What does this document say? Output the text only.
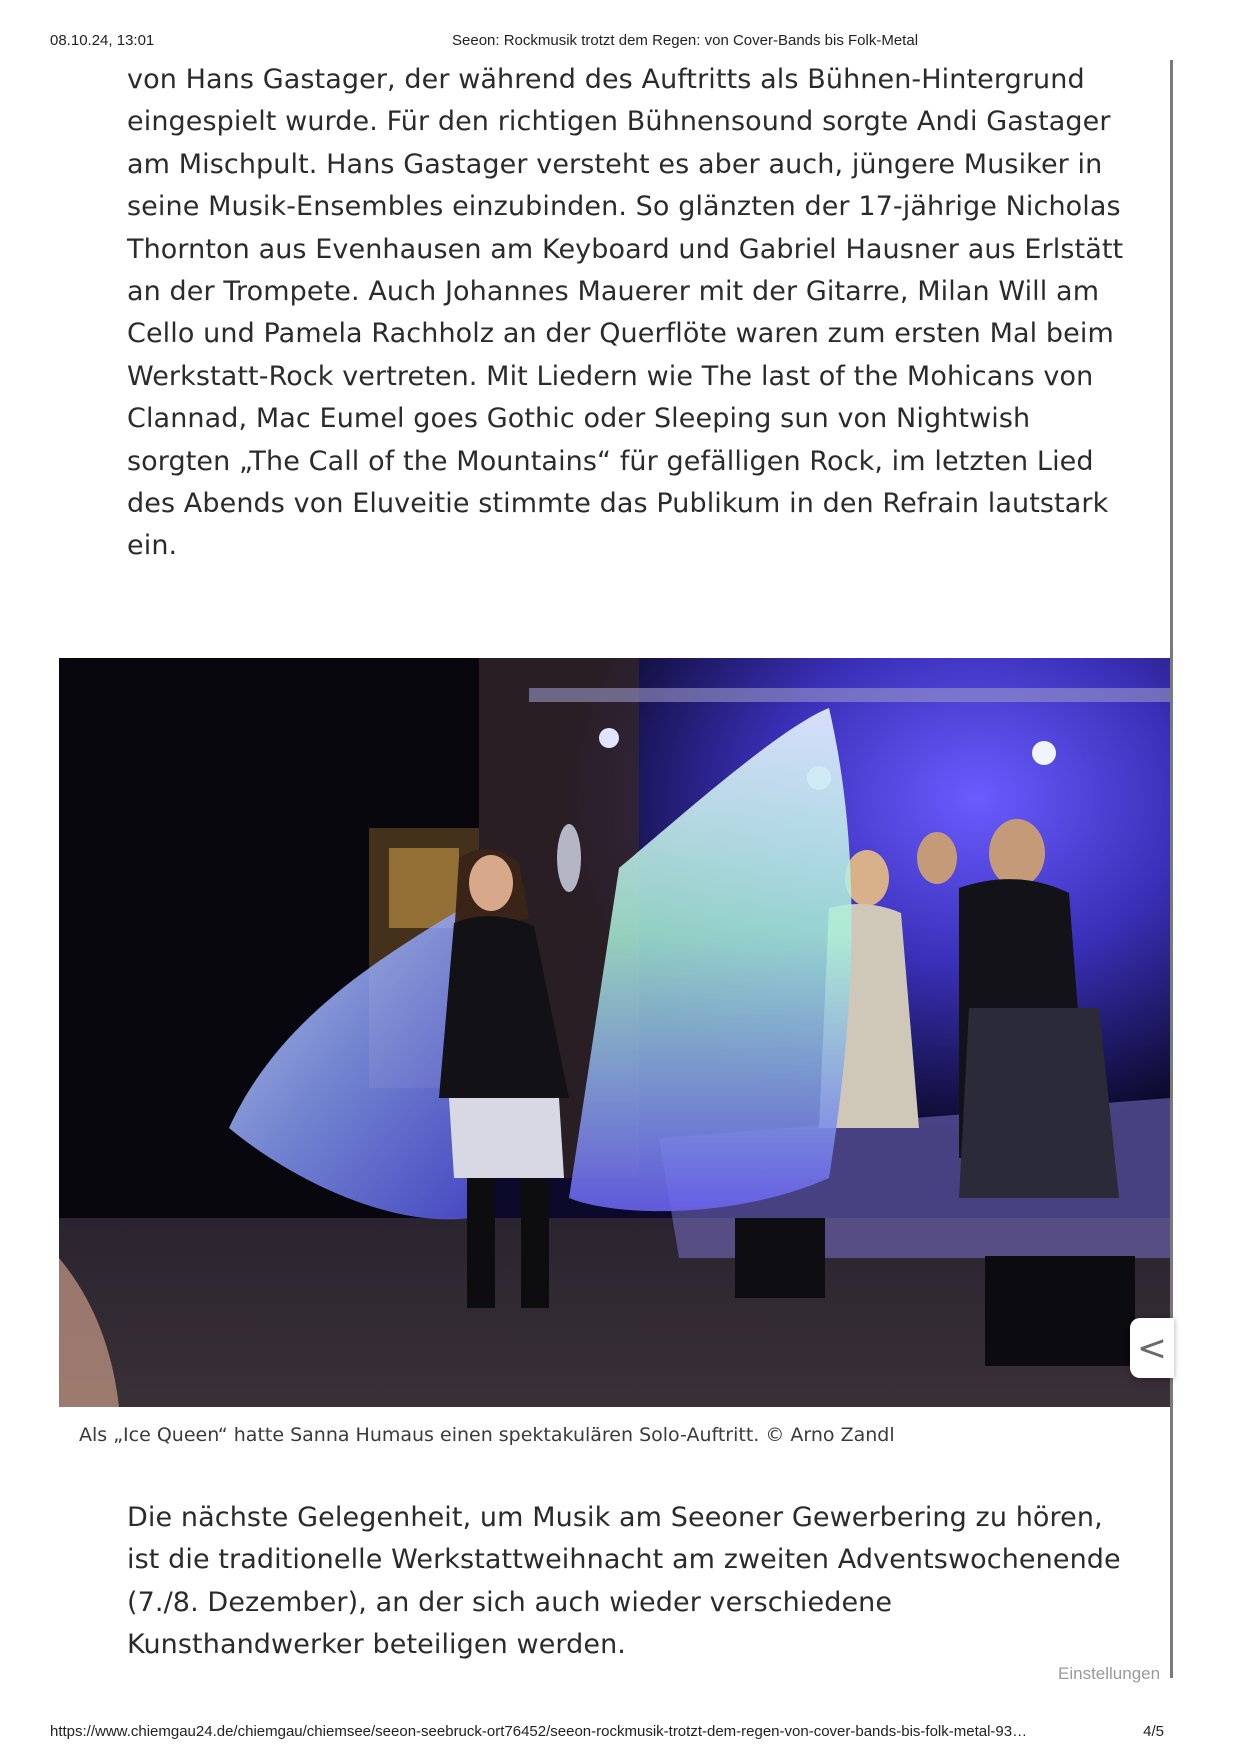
08.10.24, 13:01	Seeon: Rockmusik trotzt dem Regen: von Cover-Bands bis Folk-Metal

von Hans Gastager, der während des Auftritts als Bühnen-Hintergrund eingespielt wurde. Für den richtigen Bühnensound sorgte Andi Gastager am Mischpult. Hans Gastager versteht es aber auch, jüngere Musiker in seine Musik-Ensembles einzubinden. So glänzten der 17-jährige Nicholas Thornton aus Evenhausen am Keyboard und Gabriel Hausner aus Erlstätt an der Trompete. Auch Johannes Mauerer mit der Gitarre, Milan Will am Cello und Pamela Rachholz an der Querflöte waren zum ersten Mal beim Werkstatt-Rock vertreten. Mit Liedern wie The last of the Mohicans von Clannad, Mac Eumel goes Gothic oder Sleeping sun von Nightwish sorgten „The Call of the Mountains“ für gefälligen Rock, im letzten Lied des Abends von Eluveitie stimmte das Publikum in den Refrain lautstark ein.

Als „Ice Queen“ hatte Sanna Humaus einen spektakulären Solo-Auftritt. © Arno Zandl
<

Die nächste Gelegenheit, um Musik am Seeoner Gewerbering zu hören, ist die traditionelle Werkstattweihnacht am zweiten Adventswochenende (7./8. Dezember), an der sich auch wieder verschiedene Kunsthandwerker beteiligen werden.

Einstellungen
https://www.chiemgau24.de/chiemgau/chiemsee/seeon-seebruck-ort76452/seeon-rockmusik-trotzt-dem-regen-von-cover-bands-bis-folk-metal-93…	4/5
